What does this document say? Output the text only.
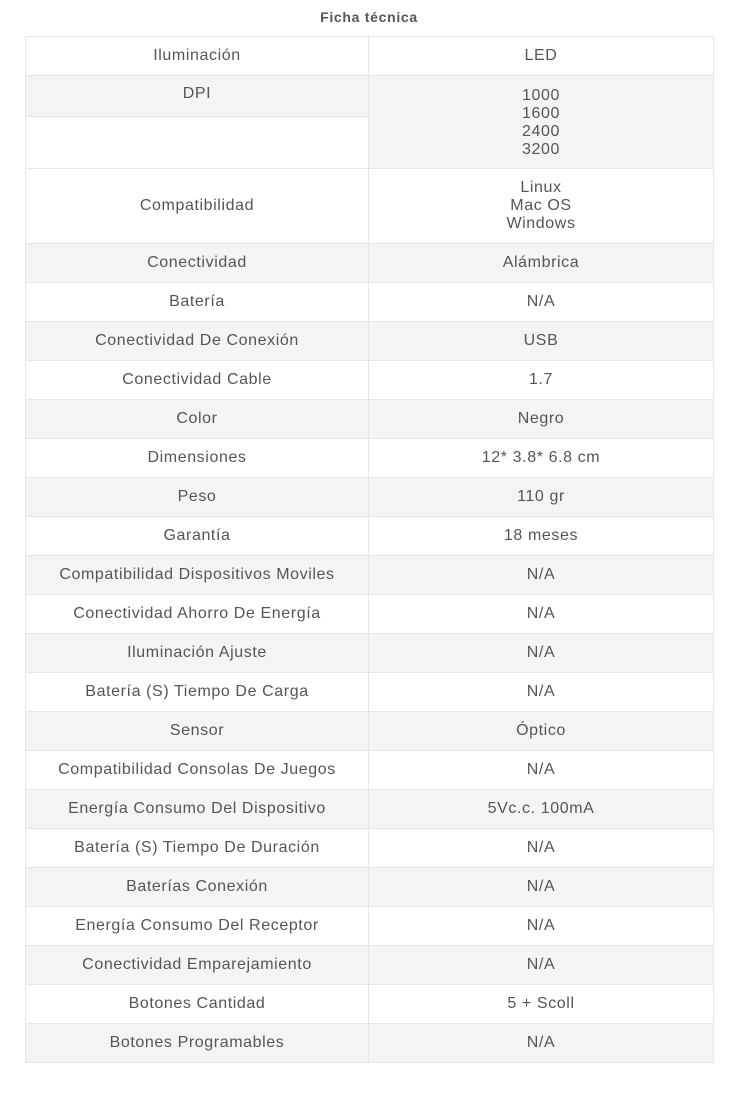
Ficha técnica
Iluminación	LED

DPI	1000
1600
2400
3200

Compatibilidad	Linux
Mac OS
Windows

Conectividad	Alámbrica
Batería	N/A
Conectividad De Conexión	USB
Conectividad Cable	1.7
Color	Negro
Dimensiones	12* 3.8* 6.8 cm
Peso	110 gr
Garantía	18 meses
Compatibilidad Dispositivos Moviles	N/A
Conectividad Ahorro De Energía	N/A
Iluminación Ajuste	N/A
Batería (S) Tiempo De Carga	N/A
Sensor	Óptico
Compatibilidad Consolas De Juegos	N/A
Energía Consumo Del Dispositivo	5Vc.c. 100mA
Batería (S) Tiempo De Duración	N/A
Baterías Conexión	N/A
Energía Consumo Del Receptor	N/A
Conectividad Emparejamiento	N/A
Botones Cantidad	5 + Scoll
Botones Programables	N/A
